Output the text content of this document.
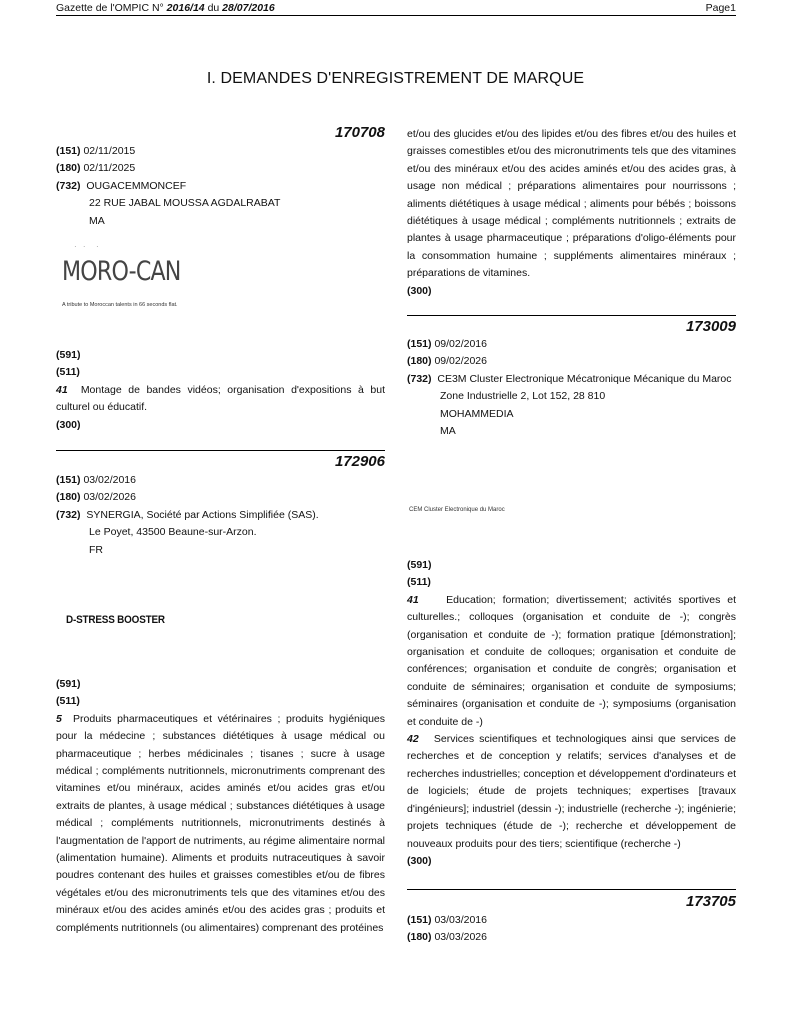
Gazette de l'OMPIC N° 2016/14 du 28/07/2016	Page1
I. DEMANDES D'ENREGISTREMENT DE MARQUE
170708
(151) 02/11/2015
(180) 02/11/2025
(732) OUGACEMMONCEF
22 RUE JABAL MOUSSA AGDALRABAT
MA
· ·  ·
MORO-CAN
A tribute to Moroccan talents in 66 seconds flat.
(591)
(511)
41 Montage de bandes vidéos; organisation d'expositions à but culturel ou éducatif.
(300)
172906
(151) 03/02/2016
(180) 03/02/2026
(732) SYNERGIA, Société par Actions Simplifiée (SAS).
Le Poyet, 43500 Beaune-sur-Arzon.
FR
D-STRESS BOOSTER
(591)
(511)
5 Produits pharmaceutiques et vétérinaires ; produits hygiéniques pour la médecine ; substances diététiques à usage médical ou pharmaceutique ; herbes médicinales ; tisanes ; sucre à usage médical ; compléments nutritionnels, micronutriments comprenant des vitamines et/ou minéraux, acides aminés et/ou acides gras et/ou extraits de plantes, à usage médical ; substances diététiques à usage médical ; compléments nutritionnels, micronutriments destinés à l'augmentation de l'apport de nutriments, au régime alimentaire normal (alimentation humaine). Aliments et produits nutraceutiques à savoir poudres contenant des huiles et graisses comestibles et/ou de fibres végétales et/ou des micronutriments tels que des vitamines et/ou des minéraux et/ou des acides aminés et/ou des acides gras ; produits et compléments nutritionnels (ou alimentaires) comprenant des protéines
et/ou des glucides et/ou des lipides et/ou des fibres et/ou des huiles et graisses comestibles et/ou des micronutriments tels que des vitamines et/ou des minéraux et/ou des acides aminés et/ou des acides gras, à usage non médical ; préparations alimentaires pour nourrissons ; aliments diététiques à usage médical ; aliments pour bébés ; boissons diététiques à usage médical ; compléments nutritionnels ; extraits de plantes à usage pharmaceutique ; préparations d'oligo-éléments pour la consommation humaine ; suppléments alimentaires minéraux ; préparations de vitamines.
(300)
173009
(151) 09/02/2016
(180) 09/02/2026
(732) CE3M Cluster Electronique Mécatronique Mécanique du Maroc
Zone Industrielle 2, Lot 152, 28 810
MOHAMMEDIA
MA
CEM Cluster Electronique du Maroc
(591)
(511)
41	Education; formation; divertissement; activités sportives et culturelles.; colloques (organisation et conduite de -); congrès (organisation et conduite de -); formation pratique [démonstration]; organisation et conduite de colloques; organisation et conduite de conférences; organisation et conduite de congrès; organisation et conduite de séminaires; organisation et conduite de symposiums; séminaires (organisation et conduite de -); symposiums (organisation et conduite de -)
42 Services scientifiques et technologiques ainsi que services de recherches et de conception y relatifs; services d'analyses et de recherches industrielles; conception et développement d'ordinateurs et de logiciels; étude de projets techniques; expertises [travaux d'ingénieurs]; industriel (dessin -); industrielle (recherche -); ingénierie; projets techniques (étude de -); recherche et développement de nouveaux produits pour des tiers; scientifique (recherche -)
(300)
173705
(151) 03/03/2016
(180) 03/03/2026
